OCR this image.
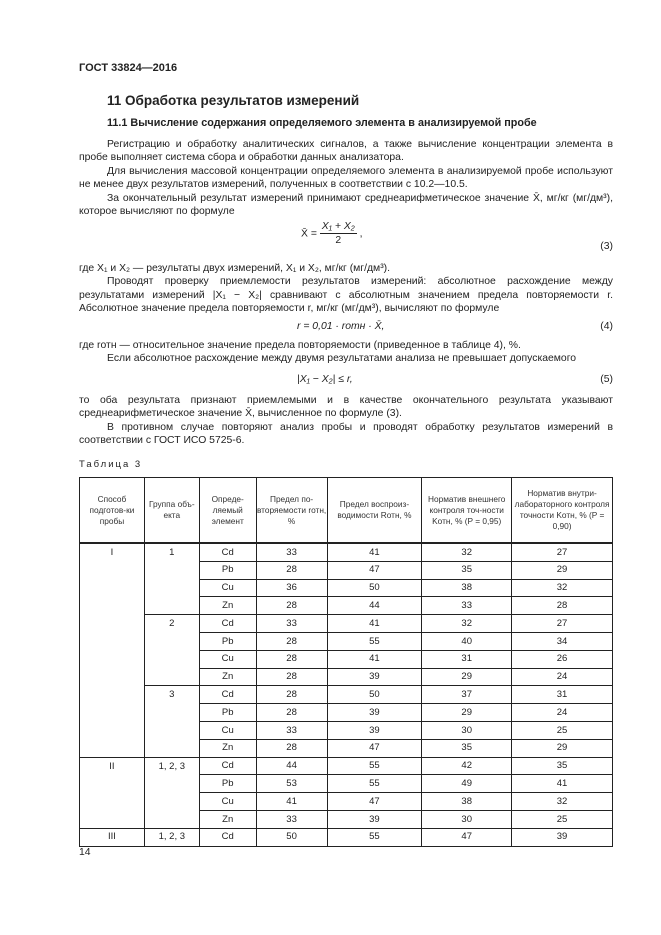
ГОСТ 33824—2016
11 Обработка результатов измерений
11.1 Вычисление содержания определяемого элемента в анализируемой пробе

Регистрацию и обработку аналитических сигналов, а также вычисление концентрации элемента в пробе выполняет система сбора и обработки данных анализатора.

Для вычисления массовой концентрации определяемого элемента в анализируемой пробе используют не менее двух результатов измерений, полученных в соответствии с 10.2—10.5.

За окончательный результат измерений принимают среднеарифметическое значение X̄, мг/кг (мг/дм³), которое вычисляют по формуле

X̄ = $\frac{\text{X₁ + X₂}}{2}$ ,
(3)

где X₁ и X₂ — результаты двух измерений, X₁ и X₂, мг/кг (мг/дм³).

Проводят проверку приемлемости результатов измерений: абсолютное расхождение между результатами измерений |X₁ − X₂| сравнивают с абсолютным значением предела повторяемости r. Абсолютное значение предела повторяемости r, мг/кг (мг/дм³), вычисляют по формуле

r = 0,01 · rотн · X̄,	(4)

где rотн — относительное значение предела повторяемости (приведенное в таблице 4), %.

Если абсолютное расхождение между двумя результатами анализа не превышает допускаемого

|X₁ − X₂| ≤ r,	(5)

то оба результата признают приемлемыми и в качестве окончательного результата указывают среднеарифметическое значение X̄, вычисленное по формуле (3).

В противном случае повторяют анализ пробы и проводят обработку результатов измерений в соответствии с ГОСТ ИСО 5725-6.

Таблица 3
Способ подготов-ки пробы	Группа объ-екта	Опреде-ляемый элемент	Предел по-вторяемости rотн, %	Предел воспроиз-водимости Rотн, %	Норматив внешнего контроля точ-ности Kотн, % (P = 0,95)	Норматив внутри-лабораторного контроля точности Kотн, % (P = 0,90)
I	1	Cd	33	41	32	27
		Pb	28	47	35	29
		Cu	36	50	38	32
		Zn	28	44	33	28
	2	Cd	33	41	32	27
		Pb	28	55	40	34
		Cu	28	41	31	26
		Zn	28	39	29	24
	3	Cd	28	50	37	31
		Pb	28	39	29	24
		Cu	33	39	30	25
		Zn	28	47	35	29
II	1, 2, 3	Cd	44	55	42	35
		Pb	53	55	49	41
		Cu	41	47	38	32
		Zn	33	39	30	25
III	1, 2, 3	Cd	50	55	47	39
14
